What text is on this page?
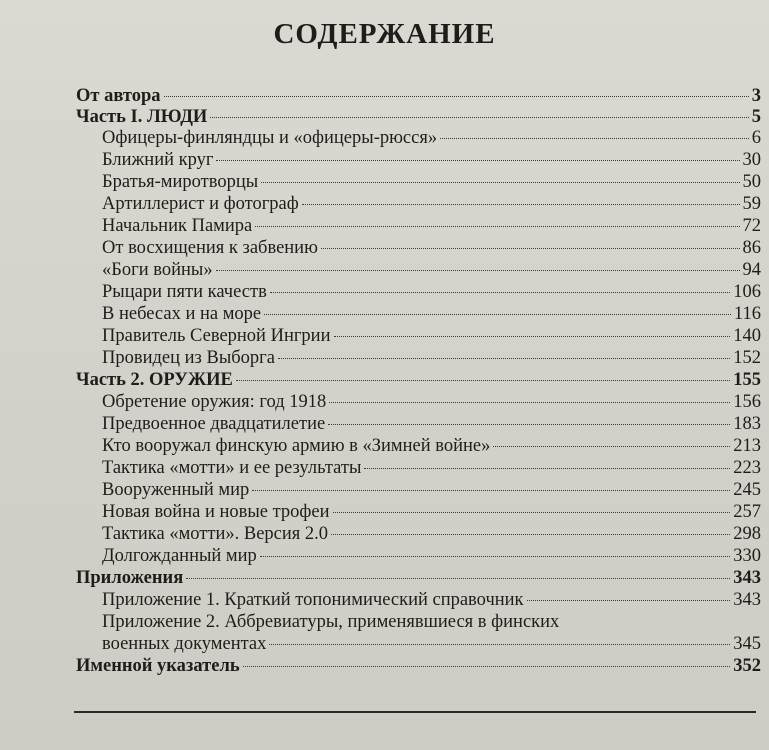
СОДЕРЖАНИЕ
От автора	3
Часть I. ЛЮДИ	5
Офицеры-финляндцы и «офицеры-рюсся»	6
Ближний круг	30
Братья-миротворцы	50
Артиллерист и фотограф	59
Начальник Памира	72
От восхищения к забвению	86
«Боги войны»	94
Рыцари пяти качеств	106
В небесах и на море	116
Правитель Северной Ингрии	140
Провидец из Выборга	152
Часть 2. ОРУЖИЕ	155
Обретение оружия: год 1918	156
Предвоенное двадцатилетие	183
Кто вооружал финскую армию в «Зимней войне»	213
Тактика «мотти» и ее результаты	223
Вооруженный мир	245
Новая война и новые трофеи	257
Тактика «мотти». Версия 2.0	298
Долгожданный мир	330
Приложения	343
Приложение 1. Краткий топонимический справочник	343
Приложение 2. Аббревиатуры, применявшиеся в финских
военных документах	345
Именной указатель	352
